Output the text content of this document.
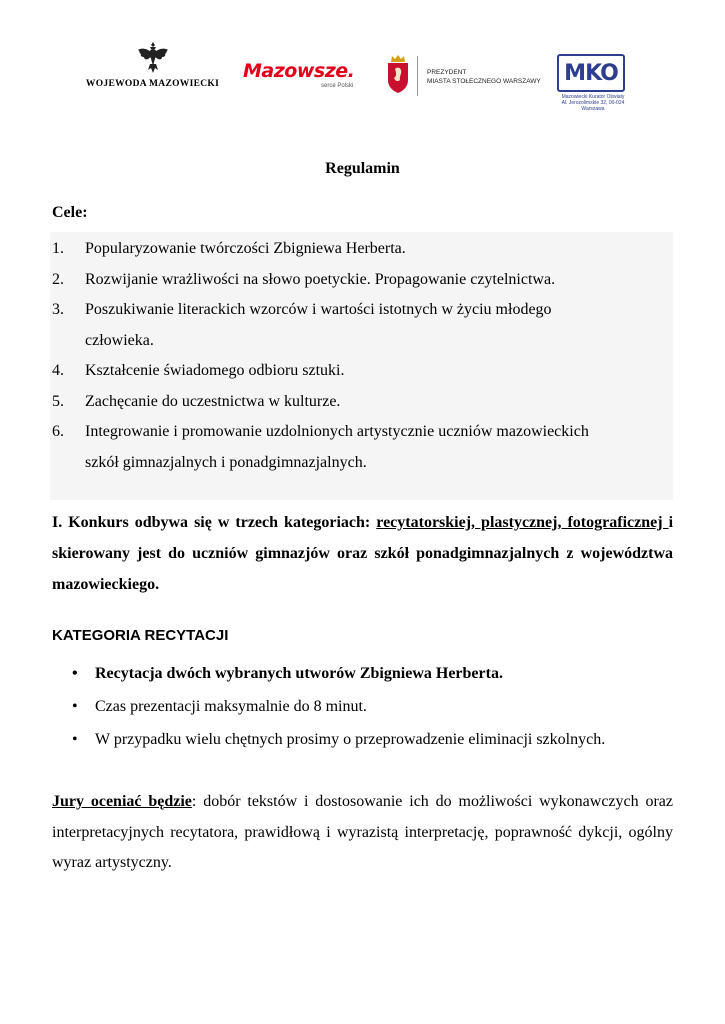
WOJEWODA MAZOWIECKI
Mazowsze.
serce Polski
PREZYDENT
MIASTA STOŁECZNEGO WARSZAWY	MKO
Mazowiecki Kurator Oświaty
Al. Jerozolimskie 32, 00-024 Warszawa
Regulamin
Cele:
1. Popularyzowanie twórczości Zbigniewa Herberta.
2. Rozwijanie wrażliwości na słowo poetyckie. Propagowanie czytelnictwa.
3. Poszukiwanie literackich wzorców i wartości istotnych w życiu młodego
człowieka.
4. Kształcenie świadomego odbioru sztuki.
5. Zachęcanie do uczestnictwa w kulturze.
6. Integrowanie i promowanie uzdolnionych artystycznie uczniów mazowieckich
szkół gimnazjalnych i ponadgimnazjalnych.
I. Konkurs odbywa się w trzech kategoriach: recytatorskiej, plastycznej, fotograficznej i skierowany jest do uczniów gimnazjów oraz szkół ponadgimnazjalnych z województwa mazowieckiego.
KATEGORIA RECYTACJI
• Recytacja dwóch wybranych utworów Zbigniewa Herberta.
• Czas prezentacji maksymalnie do 8 minut.
• W przypadku wielu chętnych prosimy o przeprowadzenie eliminacji szkolnych.
Jury oceniać będzie: dobór tekstów i dostosowanie ich do możliwości wykonawczych oraz interpretacyjnych recytatora, prawidłową i wyrazistą interpretację, poprawność dykcji, ogólny wyraz artystyczny.
